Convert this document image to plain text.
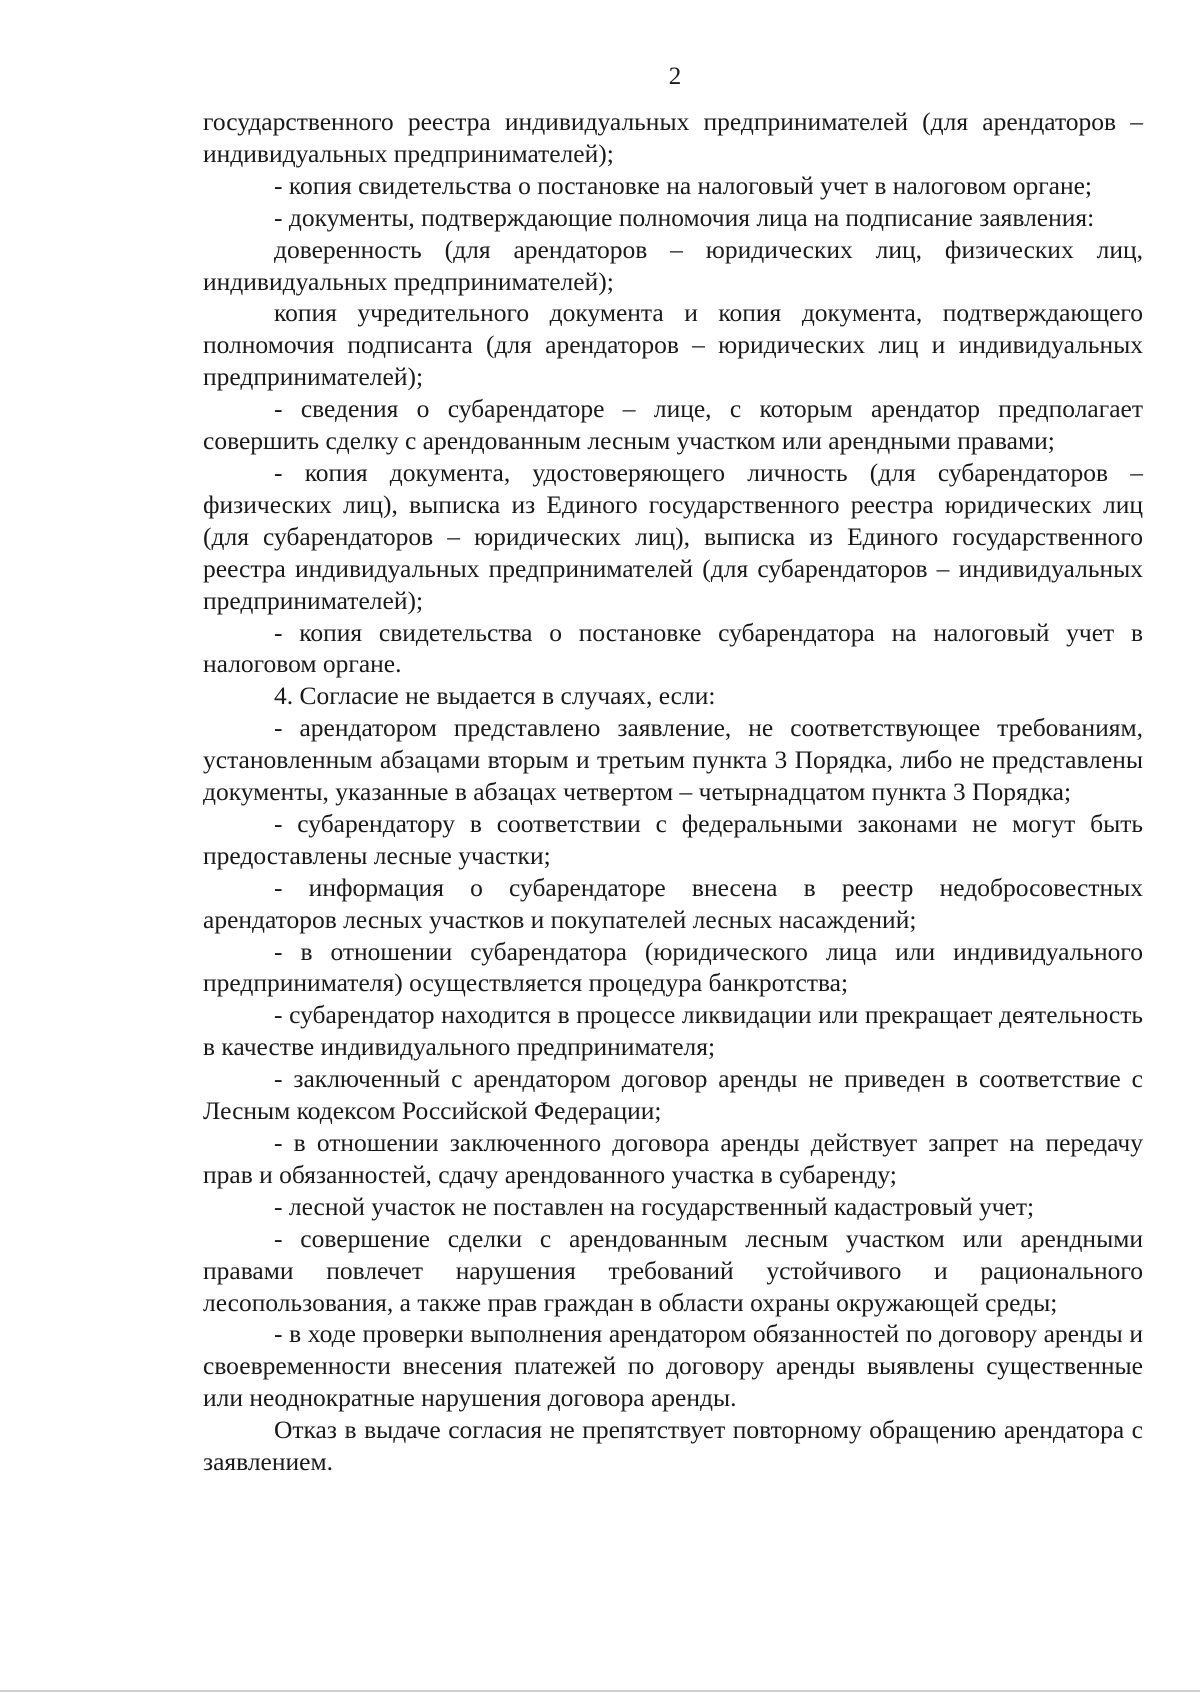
2

государственного реестра индивидуальных предпринимателей (для арендаторов – индивидуальных предпринимателей);

- копия свидетельства о постановке на налоговый учет в налоговом органе;

- документы, подтверждающие полномочия лица на подписание заявления:

доверенность (для арендаторов – юридических лиц, физических лиц, индивидуальных предпринимателей);

копия учредительного документа и копия документа, подтверждающего полномочия подписанта (для арендаторов – юридических лиц и индивидуальных предпринимателей);

- сведения о субарендаторе – лице, с которым арендатор предполагает совершить сделку с арендованным лесным участком или арендными правами;

- копия документа, удостоверяющего личность (для субарендаторов – физических лиц), выписка из Единого государственного реестра юридических лиц (для субарендаторов – юридических лиц), выписка из Единого государственного реестра индивидуальных предпринимателей (для субарендаторов – индивидуальных предпринимателей);

- копия свидетельства о постановке субарендатора на налоговый учет в налоговом органе.

4. Согласие не выдается в случаях, если:

- арендатором представлено заявление, не соответствующее требованиям, установленным абзацами вторым и третьим пункта 3 Порядка, либо не представлены документы, указанные в абзацах четвертом – четырнадцатом пункта 3 Порядка;

- субарендатору в соответствии с федеральными законами не могут быть предоставлены лесные участки;

- информация о субарендаторе внесена в реестр недобросовестных арендаторов лесных участков и покупателей лесных насаждений;

- в отношении субарендатора (юридического лица или индивидуального предпринимателя) осуществляется процедура банкротства;

- субарендатор находится в процессе ликвидации или прекращает деятельность в качестве индивидуального предпринимателя;

- заключенный с арендатором договор аренды не приведен в соответствие с Лесным кодексом Российской Федерации;

- в отношении заключенного договора аренды действует запрет на передачу прав и обязанностей, сдачу арендованного участка в субаренду;

- лесной участок не поставлен на государственный кадастровый учет;

- совершение сделки с арендованным лесным участком или арендными правами повлечет нарушения требований устойчивого и рационального лесопользования, а также прав граждан в области охраны окружающей среды;

- в ходе проверки выполнения арендатором обязанностей по договору аренды и своевременности внесения платежей по договору аренды выявлены существенные или неоднократные нарушения договора аренды.

Отказ в выдаче согласия не препятствует повторному обращению арендатора с заявлением.
